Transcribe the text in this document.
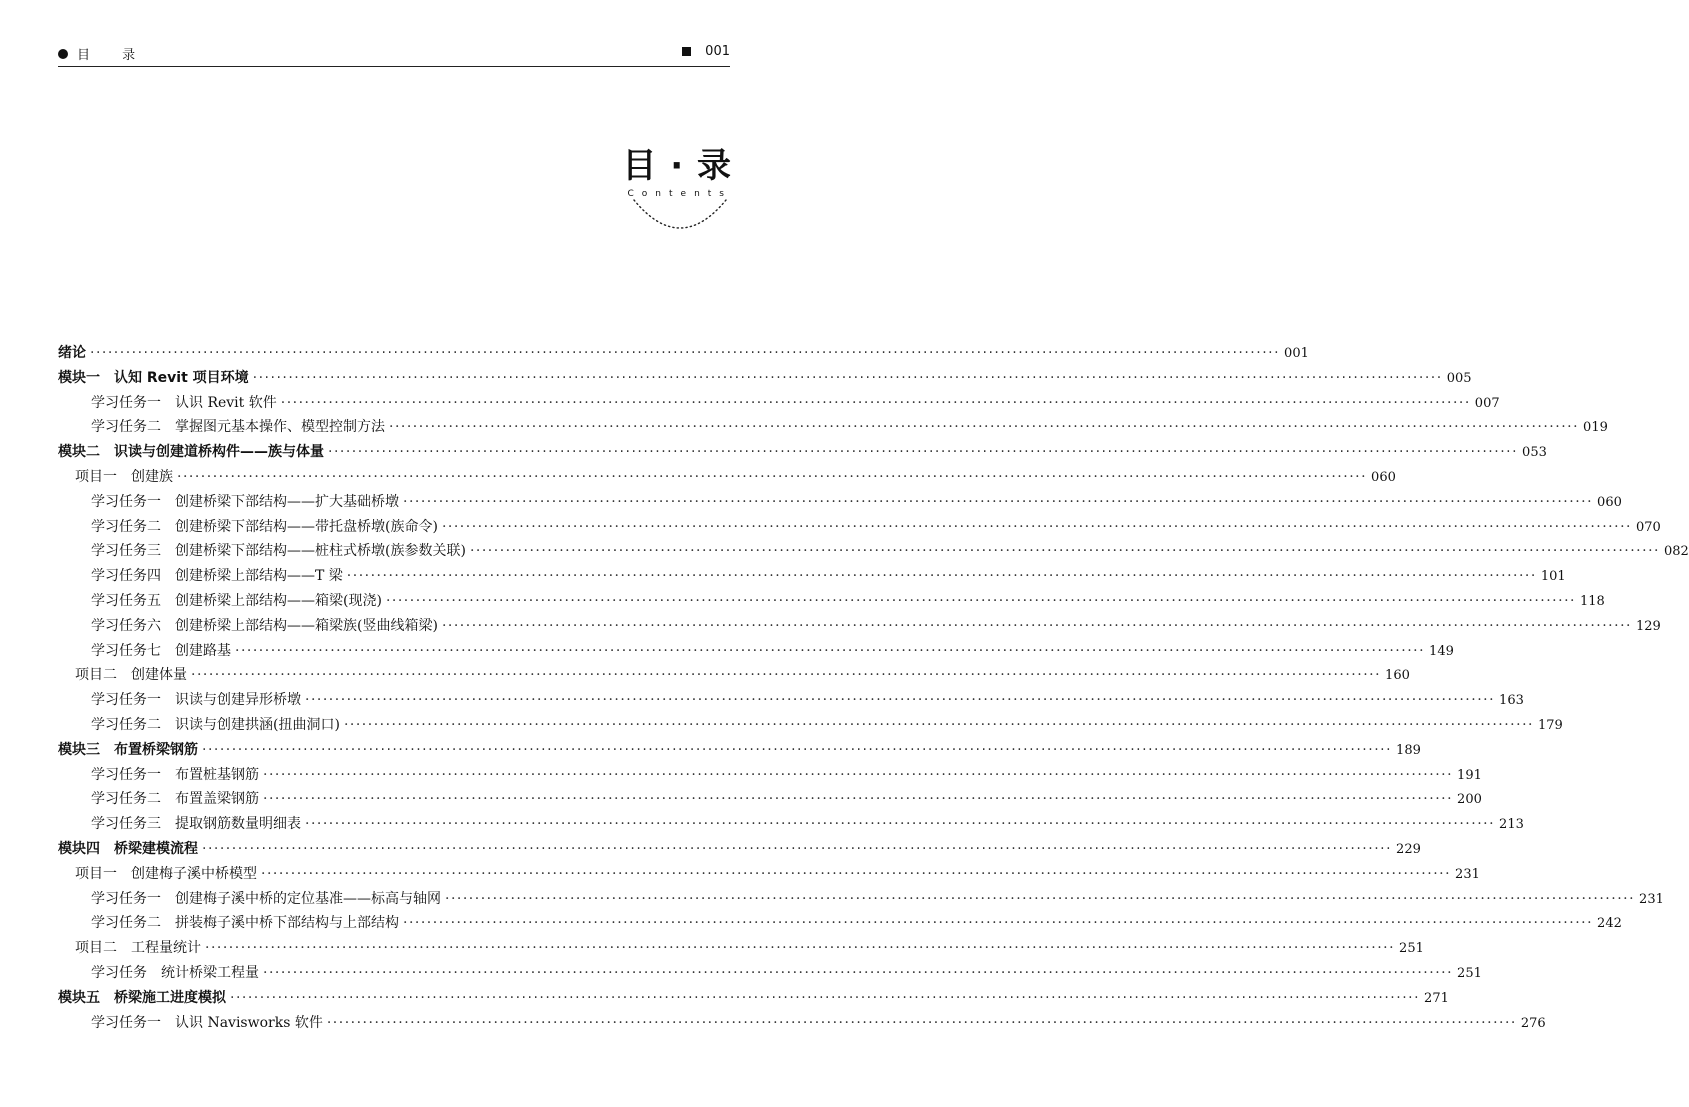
目 录	001
目 · 录
Contents
绪论 ········································································································································································································ 001
模块一　认知 Revit 项目环境 ········································································································································································································ 005
学习任务一　认识 Revit 软件 ········································································································································································································ 007
学习任务二　掌握图元基本操作、模型控制方法 ········································································································································································································ 019
模块二　识读与创建道桥构件——族与体量 ········································································································································································································ 053
项目一　创建族 ········································································································································································································ 060
学习任务一　创建桥梁下部结构——扩大基础桥墩 ········································································································································································································ 060
学习任务二　创建桥梁下部结构——带托盘桥墩(族命令) ········································································································································································································ 070
学习任务三　创建桥梁下部结构——桩柱式桥墩(族参数关联) ········································································································································································································ 082
学习任务四　创建桥梁上部结构——T 梁 ········································································································································································································ 101
学习任务五　创建桥梁上部结构——箱梁(现浇) ········································································································································································································ 118
学习任务六　创建桥梁上部结构——箱梁族(竖曲线箱梁) ········································································································································································································ 129
学习任务七　创建路基 ········································································································································································································ 149
项目二　创建体量 ········································································································································································································ 160
学习任务一　识读与创建异形桥墩 ········································································································································································································ 163
学习任务二　识读与创建拱涵(扭曲洞口) ········································································································································································································ 179
模块三　布置桥梁钢筋 ········································································································································································································ 189
学习任务一　布置桩基钢筋 ········································································································································································································ 191
学习任务二　布置盖梁钢筋 ········································································································································································································ 200
学习任务三　提取钢筋数量明细表 ········································································································································································································ 213
模块四　桥梁建模流程 ········································································································································································································ 229
项目一　创建梅子溪中桥模型 ········································································································································································································ 231
学习任务一　创建梅子溪中桥的定位基准——标高与轴网 ········································································································································································································ 231
学习任务二　拼装梅子溪中桥下部结构与上部结构 ········································································································································································································ 242
项目二　工程量统计 ········································································································································································································ 251
学习任务　统计桥梁工程量 ········································································································································································································ 251
模块五　桥梁施工进度模拟 ········································································································································································································ 271
学习任务一　认识 Navisworks 软件 ········································································································································································································ 276
